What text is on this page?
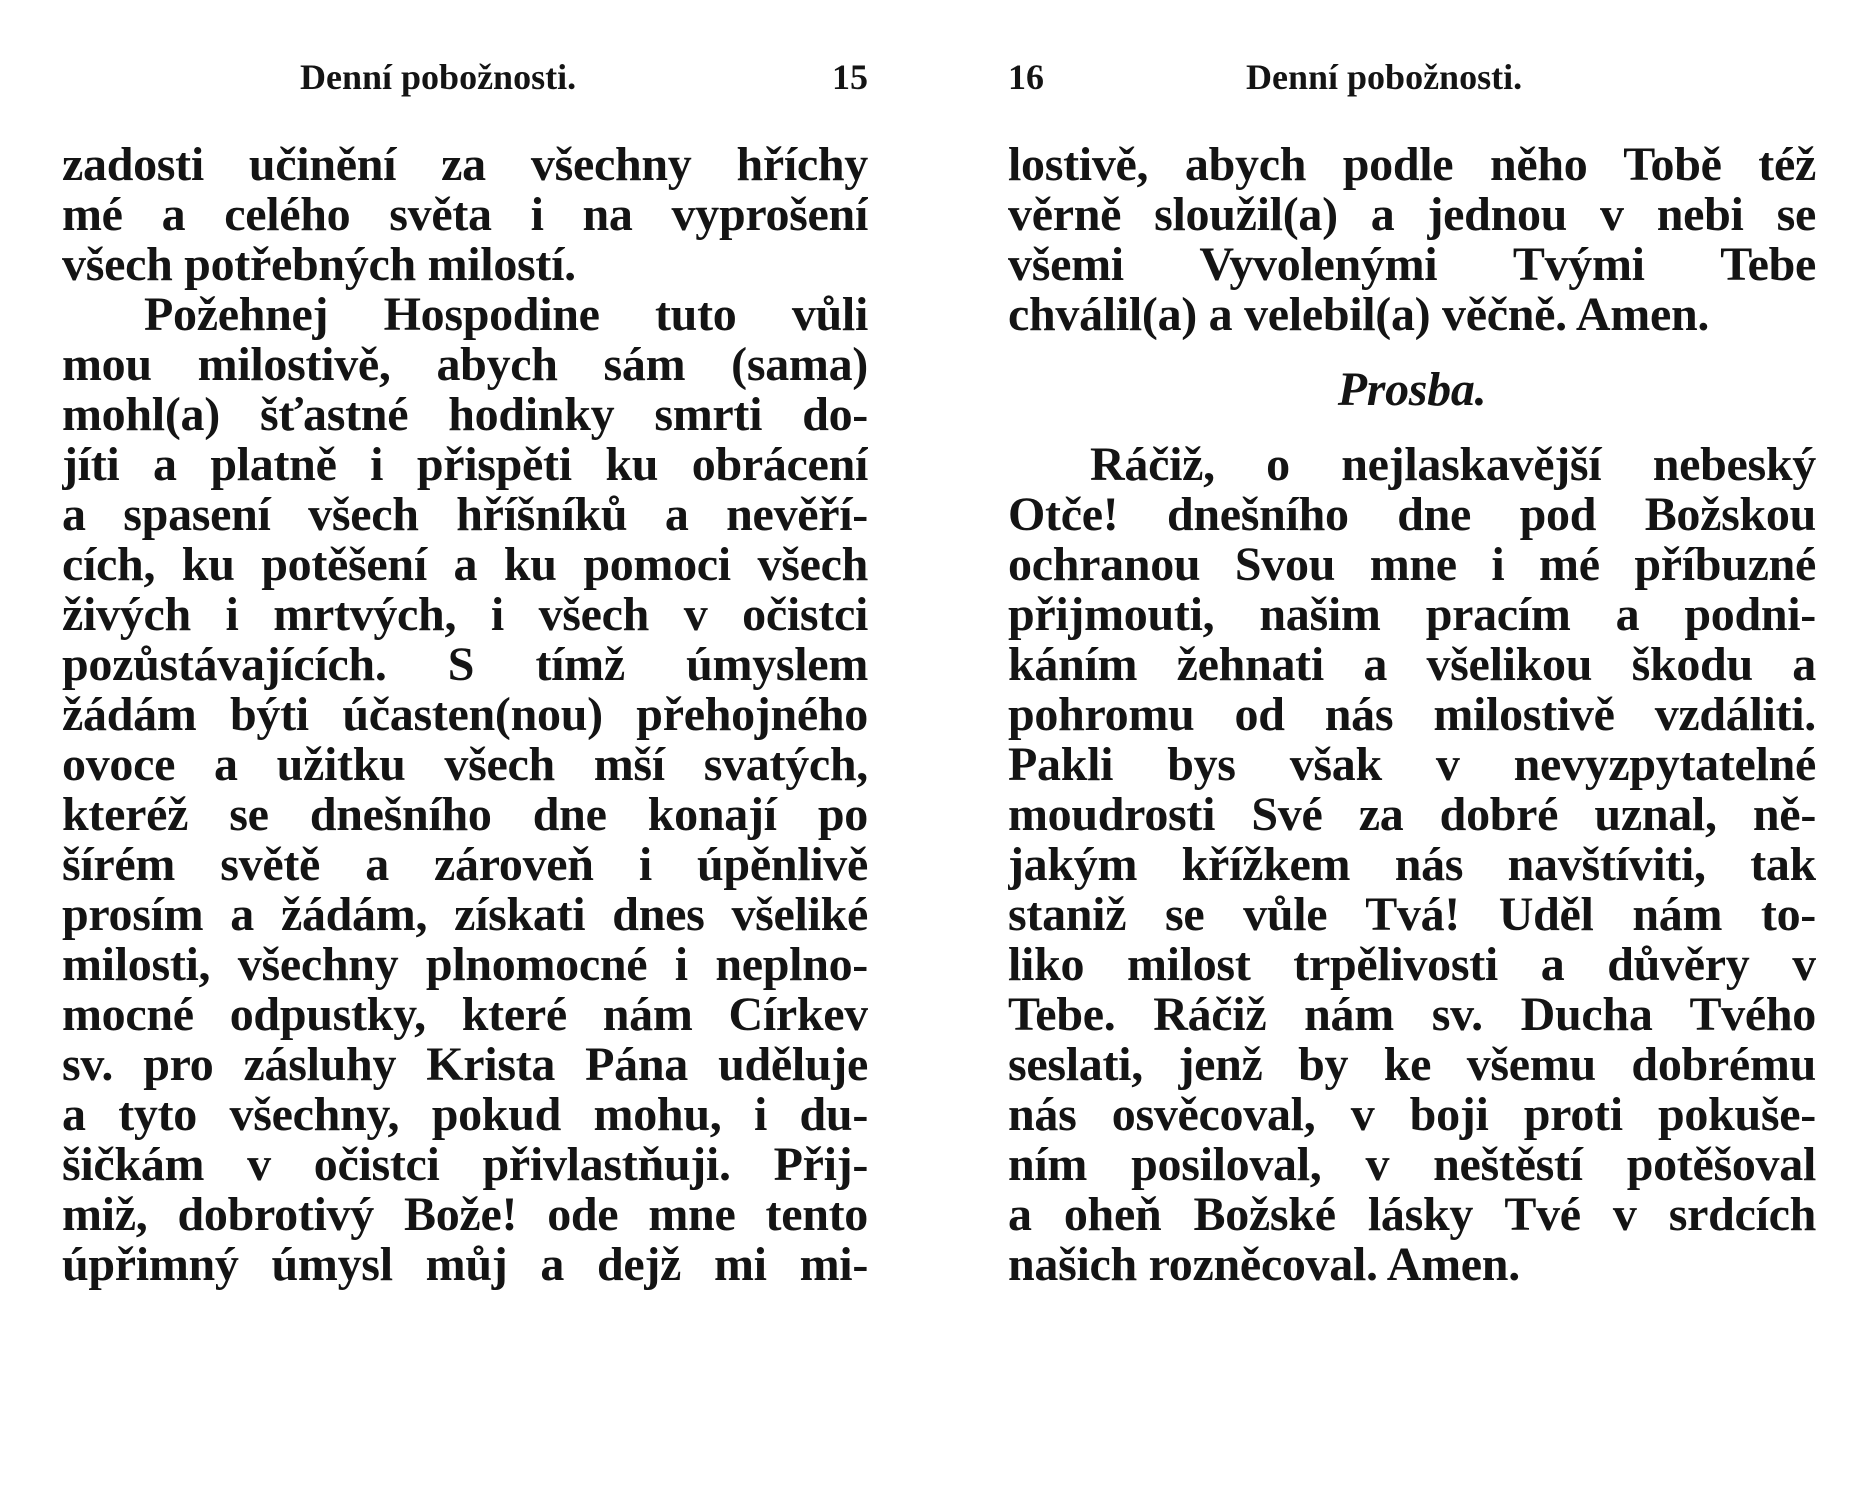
Denní pobožnosti.	15
zadosti učinění za všechny hříchy
mé a celého světa i na vyprošení
všech potřebných milostí.
Požehnej Hospodine tuto vůli
mou milostivě, abych sám (sama)
mohl(a) šťastné hodinky smrti do-
jíti a platně i přispěti ku obrácení
a spasení všech hříšníků a nevěří-
cích, ku potěšení a ku pomoci všech
živých i mrtvých, i všech v očistci
pozůstávajících. S tímž úmyslem
žádám býti účasten(nou) přehojného
ovoce a užitku všech mší svatých,
kteréž se dnešního dne konají po
šírém světě a zároveň i úpěnlivě
prosím a žádám, získati dnes všeliké
milosti, všechny plnomocné i neplno-
mocné odpustky, které nám Církev
sv. pro zásluhy Krista Pána uděluje
a tyto všechny, pokud mohu, i du-
šičkám v očistci přivlastňuji. Přij-
miž, dobrotivý Bože! ode mne tento
úpřimný úmysl můj a dejž mi mi-
16	Denní pobožnosti.
lostivě, abych podle něho Tobě též
věrně sloužil(a) a jednou v nebi se
všemi Vyvolenými Tvými Tebe
chválil(a) a velebil(a) věčně. Amen.
Prosba.
Ráčiž, o nejlaskavější nebeský
Otče! dnešního dne pod Božskou
ochranou Svou mne i mé příbuzné
přijmouti, našim pracím a podni-
káním žehnati a všelikou škodu a
pohromu od nás milostivě vzdáliti.
Pakli bys však v nevyzpytatelné
moudrosti Své za dobré uznal, ně-
jakým křížkem nás navštíviti, tak
staniž se vůle Tvá! Uděl nám to-
liko milost trpělivosti a důvěry v
Tebe. Ráčiž nám sv. Ducha Tvého
seslati, jenž by ke všemu dobrému
nás osvěcoval, v boji proti pokuše-
ním posiloval, v neštěstí potěšoval
a oheň Božské lásky Tvé v srdcích
našich rozněcoval. Amen.
